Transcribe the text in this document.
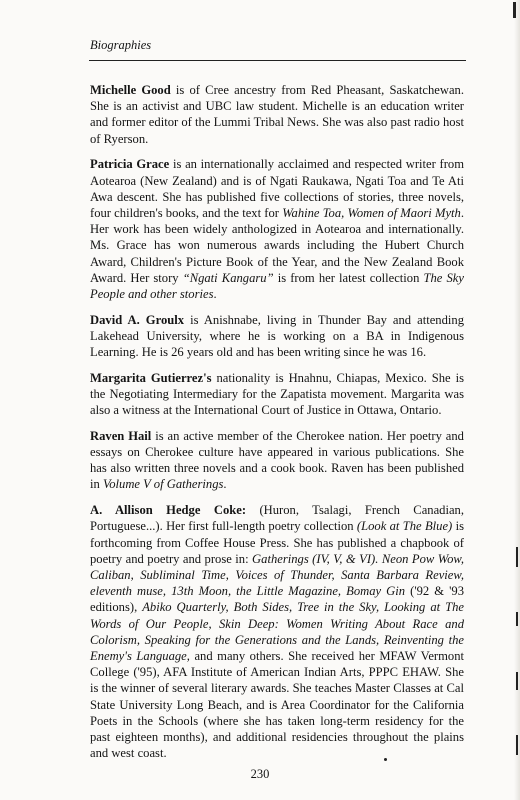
Biographies

Michelle Good is of Cree ancestry from Red Pheasant, Saskatchewan. She is an activist and UBC law student. Michelle is an education writer and former editor of the Lummi Tribal News. She was also past radio host of Ryerson.

Patricia Grace is an internationally acclaimed and respected writer from Aotearoa (New Zealand) and is of Ngati Raukawa, Ngati Toa and Te Ati Awa descent. She has published five collections of stories, three novels, four children's books, and the text for Wahine Toa, Women of Maori Myth. Her work has been widely anthologized in Aotearoa and internationally. Ms. Grace has won numerous awards including the Hubert Church Award, Children's Picture Book of the Year, and the New Zealand Book Award. Her story “Ngati Kangaru” is from her latest collection The Sky People and other stories.

David A. Groulx is Anishnabe, living in Thunder Bay and attending Lakehead University, where he is working on a BA in Indigenous Learning. He is 26 years old and has been writing since he was 16.

Margarita Gutierrez's nationality is Hnahnu, Chiapas, Mexico. She is the Negotiating Intermediary for the Zapatista movement. Margarita was also a witness at the International Court of Justice in Ottawa, Ontario.

Raven Hail is an active member of the Cherokee nation. Her poetry and essays on Cherokee culture have appeared in various publications. She has also written three novels and a cook book. Raven has been published in Volume V of Gatherings.

A. Allison Hedge Coke: (Huron, Tsalagi, French Canadian, Portuguese...). Her first full-length poetry collection (Look at The Blue) is forthcoming from Coffee House Press. She has published a chapbook of poetry and poetry and prose in: Gatherings (IV, V, & VI). Neon Pow Wow, Caliban, Subliminal Time, Voices of Thunder, Santa Barbara Review, eleventh muse, 13th Moon, the Little Magazine, Bomay Gin ('92 & '93 editions), Abiko Quarterly, Both Sides, Tree in the Sky, Looking at The Words of Our People, Skin Deep: Women Writing About Race and Colorism, Speaking for the Generations and the Lands, Reinventing the Enemy's Language, and many others. She received her MFAW Vermont College ('95), AFA Institute of American Indian Arts, PPPC EHAW. She is the winner of several literary awards. She teaches Master Classes at Cal State University Long Beach, and is Area Coordinator for the California Poets in the Schools (where she has taken long-term residency for the past eighteen months), and additional residencies throughout the plains and west coast.

230
